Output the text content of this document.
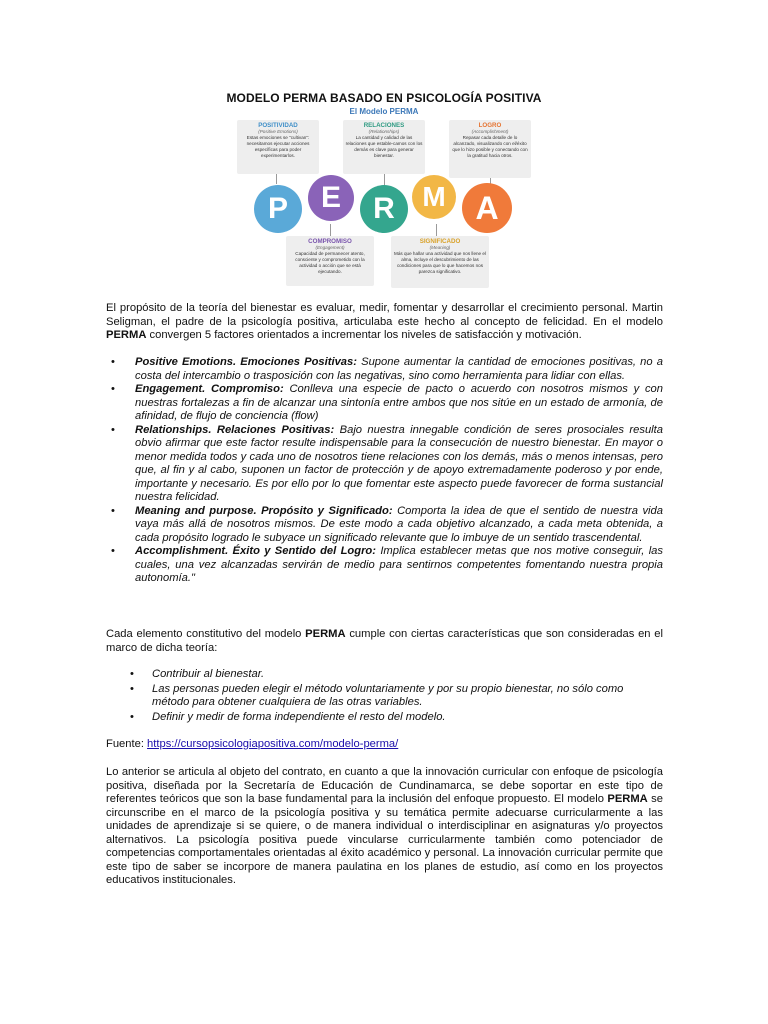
MODELO PERMA BASADO EN PSICOLOGÍA POSITIVA
El Modelo PERMA
POSITIVIDAD
(Positive Emotions)
Estas emociones se "cultivan": necesitamos ejecutar acciones específicas para poder experimentarlos.
RELACIONES
(Relationships)
La cantidad y calidad de las relaciones que estable-camos con los demás es clave para generar bienestar.
LOGRO
(Accomplishment)
Repasar cada detalle de lo alcanzado, visualizando con el/éxito que lo hizo posible y conectando con la gratitud hacia otros.
P	E	R M A
COMPROMISO
(Engagement)
Capacidad de permanecer atento, consciente y comprometido con la actividad o acción que se está ejecutando.
SIGNIFICADO
(Meaning)
Más que hallar una actividad que nos llene el alma, incluye el descubrimiento de las condiciones para que lo que hacemos nos parezca significativo.
El propósito de la teoría del bienestar es evaluar, medir, fomentar y desarrollar el crecimiento personal. Martin Seligman, el padre de la psicología positiva, articulaba este hecho al concepto de felicidad. En el modelo PERMA convergen 5 factores orientados a incrementar los niveles de satisfacción y motivación.
• Positive Emotions. Emociones Positivas: Supone aumentar la cantidad de emociones positivas, no a costa del intercambio o trasposición con las negativas, sino como herramienta para lidiar con ellas.
• Engagement. Compromiso: Conlleva una especie de pacto o acuerdo con nosotros mismos y con nuestras fortalezas a fin de alcanzar una sintonía entre ambos que nos sitúe en un estado de armonía, de afinidad, de flujo de conciencia (flow)
• Relationships. Relaciones Positivas: Bajo nuestra innegable condición de seres prosociales resulta obvio afirmar que este factor resulte indispensable para la consecución de nuestro bienestar. En mayor o menor medida todos y cada uno de nosotros tiene relaciones con los demás, más o menos intensas, pero que, al fin y al cabo, suponen un factor de protección y de apoyo extremadamente poderoso y por ende, importante y necesario. Es por ello por lo que fomentar este aspecto puede favorecer de forma sustancial nuestra felicidad.
• Meaning and purpose. Propósito y Significado: Comporta la idea de que el sentido de nuestra vida vaya más allá de nosotros mismos. De este modo a cada objetivo alcanzado, a cada meta obtenida, a cada propósito logrado le subyace un significado relevante que lo imbuye de un sentido trascendental.
• Accomplishment. Éxito y Sentido del Logro: Implica establecer metas que nos motive conseguir, las cuales, una vez alcanzadas servirán de medio para sentirnos competentes fomentando nuestra propia autonomía."
Cada elemento constitutivo del modelo PERMA cumple con ciertas características que son consideradas en el marco de dicha teoría:
• Contribuir al bienestar.
• Las personas pueden elegir el método voluntariamente y por su propio bienestar, no sólo como método para obtener cualquiera de las otras variables.
• Definir y medir de forma independiente el resto del modelo.
Fuente: https://cursopsicologiapositiva.com/modelo-perma/
Lo anterior se articula al objeto del contrato, en cuanto a que la innovación curricular con enfoque de psicología positiva, diseñada por la Secretaría de Educación de Cundinamarca, se debe soportar en este tipo de referentes teóricos que son la base fundamental para la inclusión del enfoque propuesto. El modelo PERMA se circunscribe en el marco de la psicología positiva y su temática permite adecuarse curricularmente a las unidades de aprendizaje si se quiere, o de manera individual o interdisciplinar en asignaturas y/o proyectos alternativos. La psicología positiva puede vincularse curricularmente también como potenciador de competencias comportamentales orientadas al éxito académico y personal. La innovación curricular permite que este tipo de saber se incorpore de manera paulatina en los planes de estudio, así como en los proyectos educativos institucionales.
